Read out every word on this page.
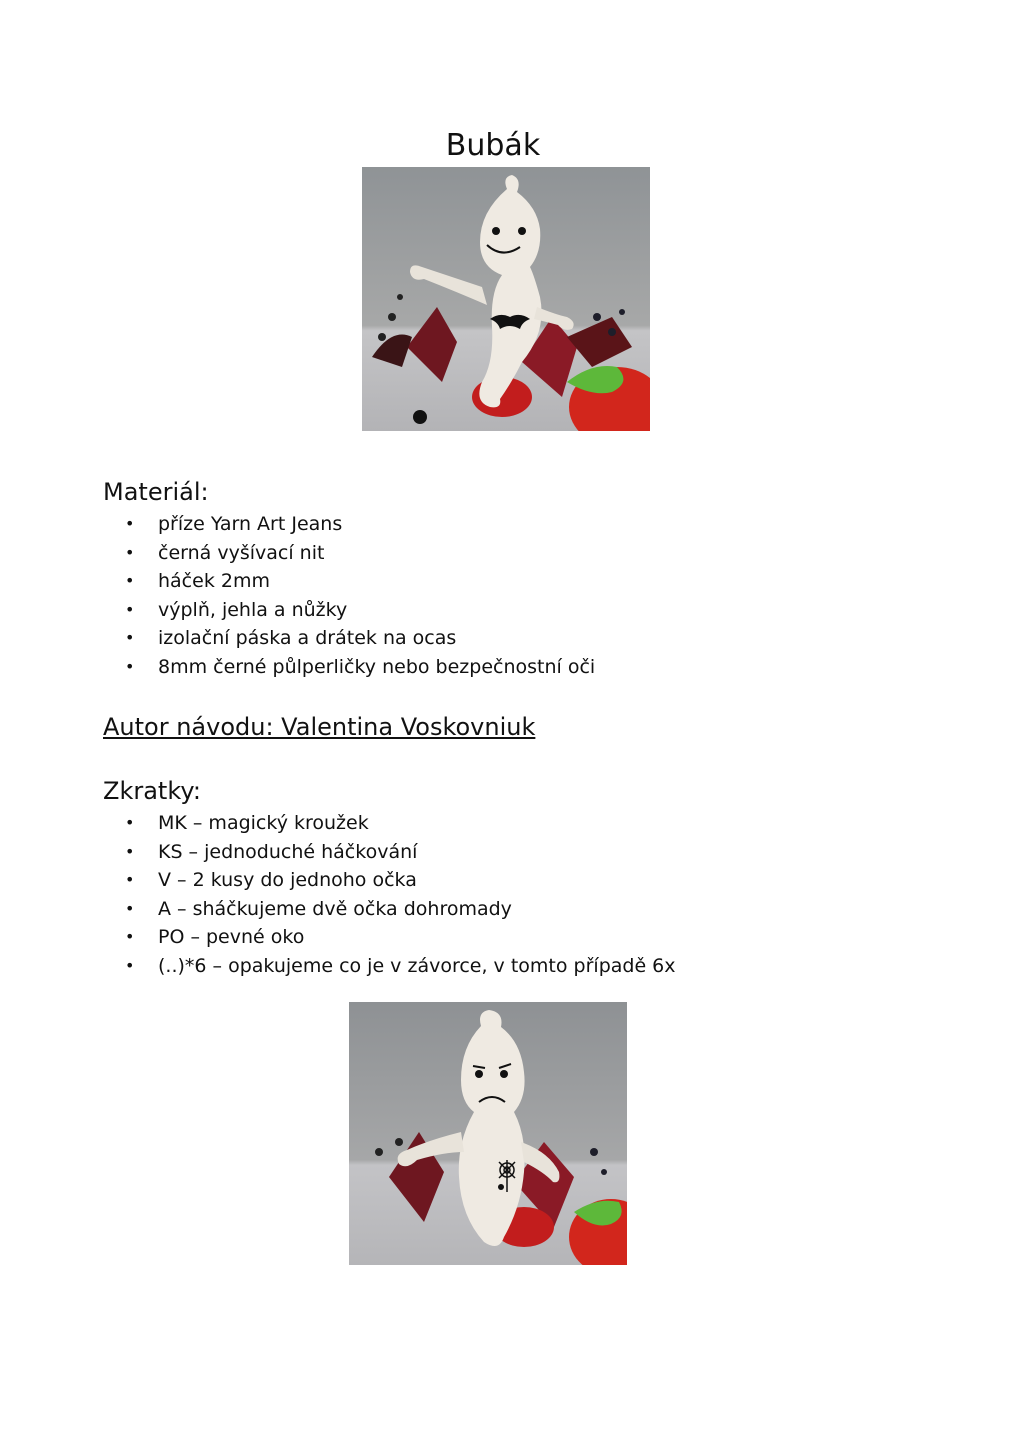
Bubák
Materiál:
• příze Yarn Art Jeans
• černá vyšívací nit
• háček 2mm
• výplň, jehla a nůžky
• izolační páska a drátek na ocas
• 8mm černé půlperličky nebo bezpečnostní oči
Autor návodu: Valentina Voskovniuk
Zkratky:
• MK – magický kroužek
• KS – jednoduché háčkování
• V – 2 kusy do jednoho očka
• A – sháčkujeme dvě očka dohromady
• PO – pevné oko
• (..)*6 – opakujeme co je v závorce, v tomto případě 6x
